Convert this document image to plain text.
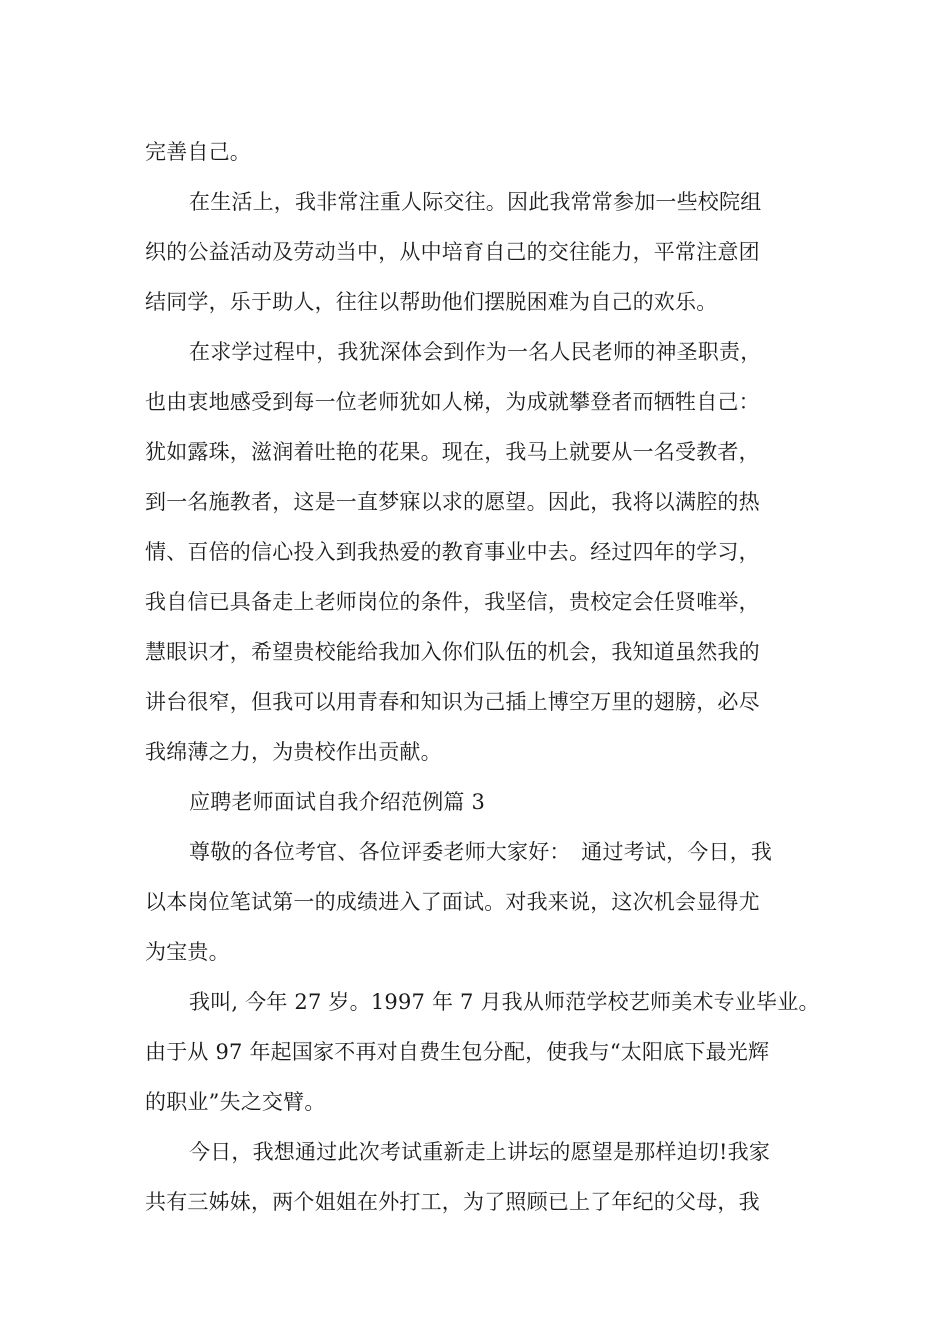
完善自己。
在生活上，我非常注重人际交往。因此我常常参加一些校院组
织的公益活动及劳动当中，从中培育自己的交往能力，平常注意团
结同学，乐于助人，往往以帮助他们摆脱困难为自己的欢乐。
在求学过程中，我犹深体会到作为一名人民老师的神圣职责，
也由衷地感受到每一位老师犹如人梯，为成就攀登者而牺牲自己：
犹如露珠，滋润着吐艳的花果。现在，我马上就要从一名受教者，
到一名施教者，这是一直梦寐以求的愿望。因此，我将以满腔的热
情、百倍的信心投入到我热爱的教育事业中去。经过四年的学习，
我自信已具备走上老师岗位的条件，我坚信，贵校定会任贤唯举，
慧眼识才，希望贵校能给我加入你们队伍的机会，我知道虽然我的
讲台很窄，但我可以用青春和知识为己插上博空万里的翅膀，必尽
我绵薄之力，为贵校作出贡献。
应聘老师面试自我介绍范例篇 3
尊敬的各位考官、各位评委老师大家好：　通过考试，今日，我
以本岗位笔试第一的成绩进入了面试。对我来说，这次机会显得尤
为宝贵。
我叫, 今年 27 岁。1997 年 7 月我从师范学校艺师美术专业毕业。
由于从 97 年起国家不再对自费生包分配，使我与“太阳底下最光辉
的职业”失之交臂。
今日，我想通过此次考试重新走上讲坛的愿望是那样迫切!我家
共有三姊妹，两个姐姐在外打工，为了照顾已上了年纪的父母，我
